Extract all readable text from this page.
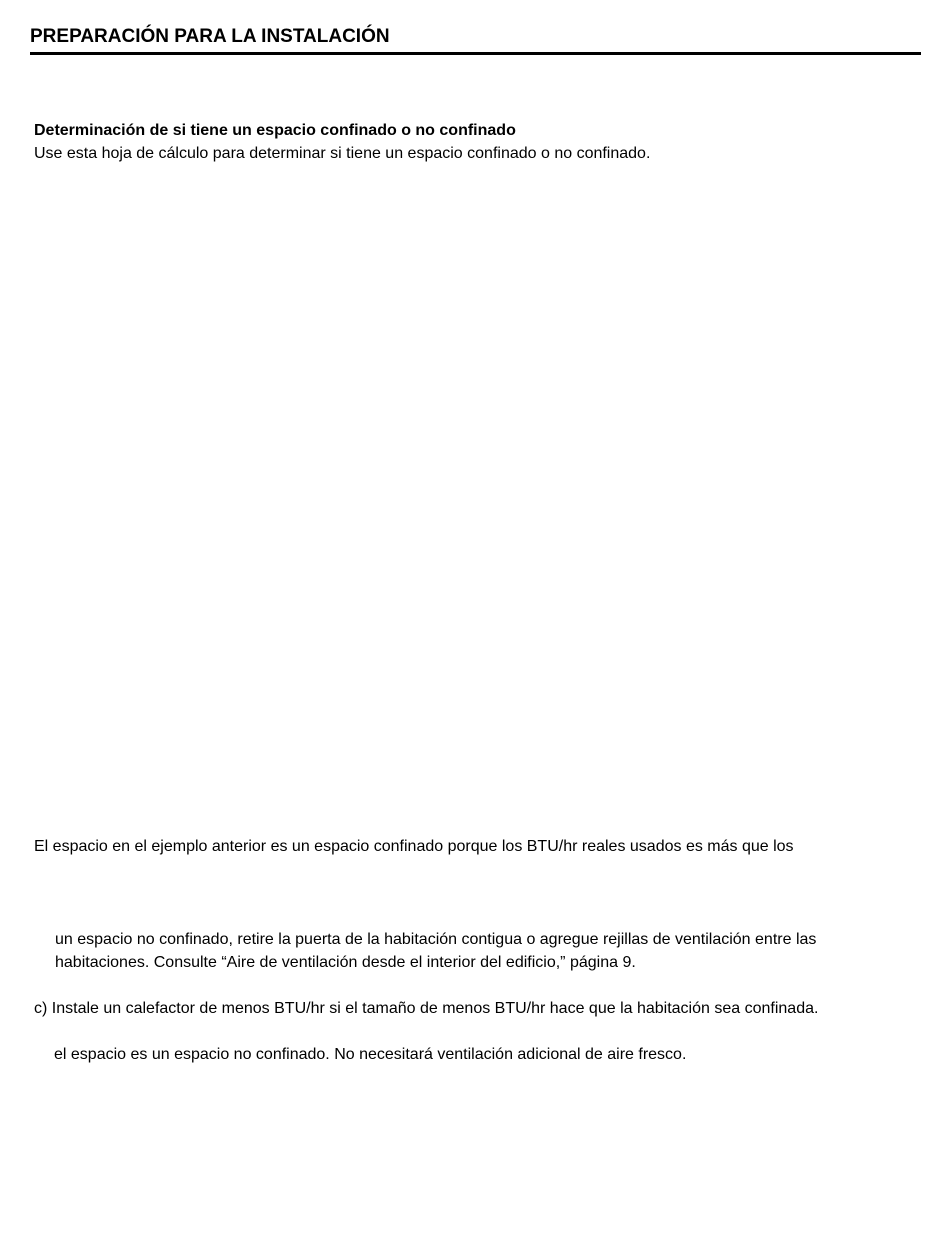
PREPARACIÓN PARA LA INSTALACIÓN
Determinación de si tiene un espacio confinado o no confinado
Use esta hoja de cálculo para determinar si tiene un espacio confinado o no confinado.
El espacio en el ejemplo anterior es un espacio confinado porque los BTU/hr reales usados es más que los
un espacio no confinado, retire la puerta de la habitación contigua o agregue rejillas de ventilación entre las
habitaciones. Consulte “Aire de ventilación desde el interior del edificio,” página 9.
c) Instale un calefactor de menos BTU/hr si el tamaño de menos BTU/hr hace que la habitación sea confinada.
el espacio es un espacio no confinado. No necesitará ventilación adicional de aire fresco.
